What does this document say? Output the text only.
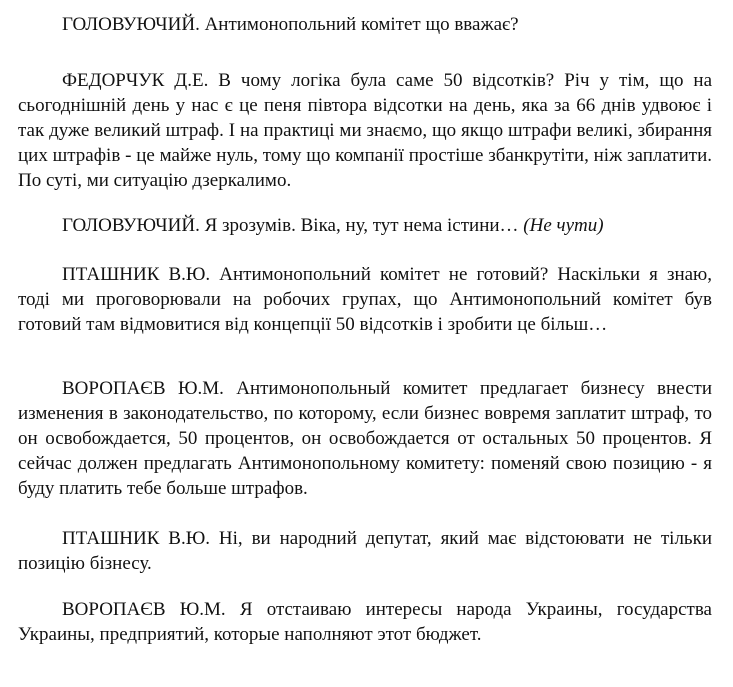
ГОЛОВУЮЧИЙ. Антимонопольний комітет що вважає?

ФЕДОРЧУК Д.Е. В чому логіка була саме 50 відсотків? Річ у тім, що на сьогоднішній день у нас є це пеня півтора відсотки на день, яка за 66 днів удвоює і так дуже великий штраф. І на практиці ми знаємо, що якщо штрафи великі, збирання цих штрафів - це майже нуль, тому що компанії простіше збанкрутіти, ніж заплатити. По суті, ми ситуацію дзеркалимо.

ГОЛОВУЮЧИЙ. Я зрозумів. Віка, ну, тут нема істини… (Не чути)

ПТАШНИК В.Ю. Антимонопольний комітет не готовий? Наскільки я знаю, тоді ми проговорювали на робочих групах, що Антимонопольний комітет був готовий там відмовитися від концепції 50 відсотків і зробити це більш…

ВОРОПАЄВ Ю.М. Антимонопольный комитет предлагает бизнесу внести изменения в законодательство, по которому, если бизнес вовремя заплатит штраф, то он освобождается, 50 процентов, он освобождается от остальных 50 процентов. Я сейчас должен предлагать Антимонопольному комитету: поменяй свою позицию - я буду платить тебе больше штрафов.

ПТАШНИК В.Ю. Ні, ви народний депутат, який має відстоювати не тільки позицію бізнесу.

ВОРОПАЄВ Ю.М. Я отстаиваю интересы народа Украины, государства Украины, предприятий, которые наполняют этот бюджет.
